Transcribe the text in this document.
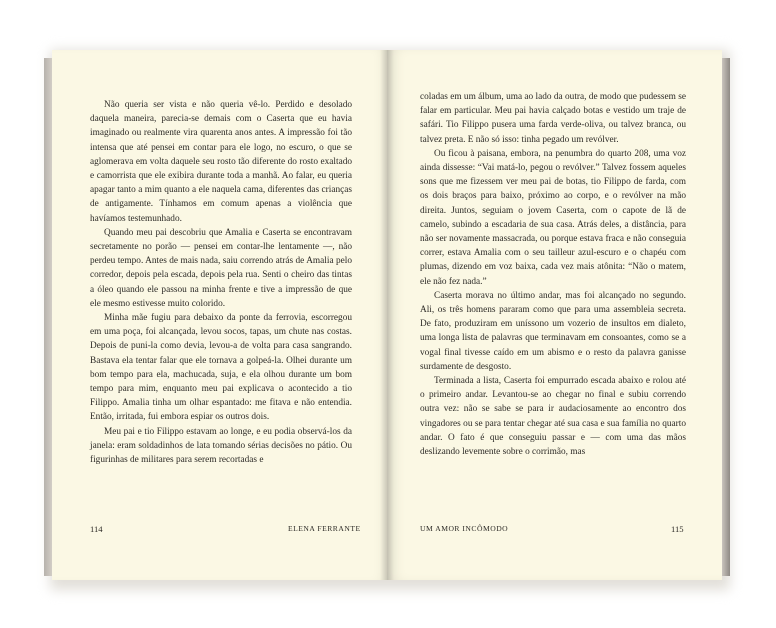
Não queria ser vista e não queria vê-lo. Perdido e desolado daquela maneira, parecia-se demais com o Caserta que eu havia imaginado ou realmente vira quarenta anos antes. A impressão foi tão intensa que até pensei em contar para ele logo, no escuro, o que se aglomerava em volta daquele seu rosto tão diferente do rosto exaltado e camorrista que ele exibira durante toda a manhã. Ao falar, eu queria apagar tanto a mim quanto a ele naquela cama, diferentes das crianças de antigamente. Tínhamos em comum apenas a violência que havíamos testemunhado.

Quando meu pai descobriu que Amalia e Caserta se encontravam secretamente no porão — pensei em contar-lhe lentamente —, não perdeu tempo. Antes de mais nada, saiu correndo atrás de Amalia pelo corredor, depois pela escada, depois pela rua. Senti o cheiro das tintas a óleo quando ele passou na minha frente e tive a impressão de que ele mesmo estivesse muito colorido.

Minha mãe fugiu para debaixo da ponte da ferrovia, escorregou em uma poça, foi alcançada, levou socos, tapas, um chute nas costas. Depois de puni-la como devia, levou-a de volta para casa sangrando. Bastava ela tentar falar que ele tornava a golpeá-la. Olhei durante um bom tempo para ela, machucada, suja, e ela olhou durante um bom tempo para mim, enquanto meu pai explicava o acontecido a tio Filippo. Amalia tinha um olhar espantado: me fitava e não entendia. Então, irritada, fui embora espiar os outros dois.

Meu pai e tio Filippo estavam ao longe, e eu podia observá-los da janela: eram soldadinhos de lata tomando sérias decisões no pátio. Ou figurinhas de militares para serem recortadas e

coladas em um álbum, uma ao lado da outra, de modo que pudessem se falar em particular. Meu pai havia calçado botas e vestido um traje de safári. Tio Filippo pusera uma farda verde-oliva, ou talvez branca, ou talvez preta. E não só isso: tinha pegado um revólver.

Ou ficou à paisana, embora, na penumbra do quarto 208, uma voz ainda dissesse: “Vai matá-lo, pegou o revólver.” Talvez fossem aqueles sons que me fizessem ver meu pai de botas, tio Filippo de farda, com os dois braços para baixo, próximo ao corpo, e o revólver na mão direita. Juntos, seguiam o jovem Caserta, com o capote de lã de camelo, subindo a escadaria de sua casa. Atrás deles, a distância, para não ser novamente massacrada, ou porque estava fraca e não conseguia correr, estava Amalia com o seu tailleur azul-escuro e o chapéu com plumas, dizendo em voz baixa, cada vez mais atônita: “Não o matem, ele não fez nada.”

Caserta morava no último andar, mas foi alcançado no segundo. Ali, os três homens pararam como que para uma assembleia secreta. De fato, produziram em uníssono um vozerio de insultos em dialeto, uma longa lista de palavras que terminavam em consoantes, como se a vogal final tivesse caído em um abismo e o resto da palavra ganisse surdamente de desgosto.

Terminada a lista, Caserta foi empurrado escada abaixo e rolou até o primeiro andar. Levantou-se ao chegar no final e subiu correndo outra vez: não se sabe se para ir audaciosamente ao encontro dos vingadores ou se para tentar chegar até sua casa e sua família no quarto andar. O fato é que conseguiu passar e — com uma das mãos deslizando levemente sobre o corrimão, mas

114	ELENA FERRANTE	UM AMOR INCÔMODO	115
